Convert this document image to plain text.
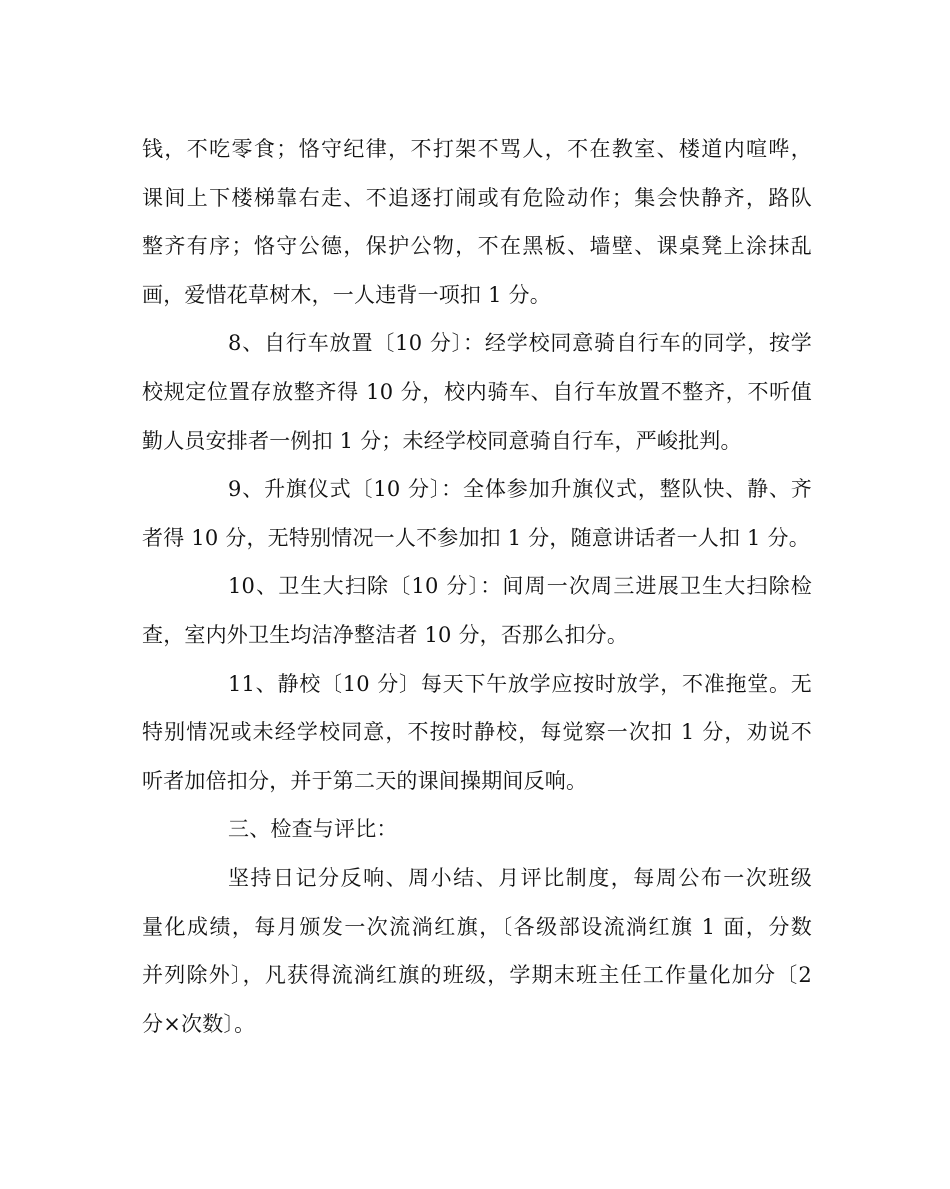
钱，不吃零食；恪守纪律，不打架不骂人，不在教室、楼道内喧哗，
课间上下楼梯靠右走、不追逐打闹或有危险动作；集会快静齐，路队
整齐有序；恪守公德，保护公物，不在黑板、墙壁、课桌凳上涂抹乱
画，爱惜花草树木，一人违背一项扣 1 分。
8、自行车放置〔10 分〕：经学校同意骑自行车的同学，按学
校规定位置存放整齐得 10 分，校内骑车、自行车放置不整齐，不听值
勤人员安排者一例扣 1 分；未经学校同意骑自行车，严峻批判。
9、升旗仪式〔10 分〕：全体参加升旗仪式，整队快、静、齐
者得 10 分，无特别情况一人不参加扣 1 分，随意讲话者一人扣 1 分。
10、卫生大扫除〔10 分〕：间周一次周三进展卫生大扫除检
查，室内外卫生均洁净整洁者 10 分，否那么扣分。
11、静校〔10 分〕每天下午放学应按时放学，不准拖堂。无
特别情况或未经学校同意，不按时静校，每觉察一次扣 1 分，劝说不
听者加倍扣分，并于第二天的课间操期间反响。
三、检查与评比：
坚持日记分反响、周小结、月评比制度，每周公布一次班级
量化成绩，每月颁发一次流淌红旗，〔各级部设流淌红旗 1 面，分数
并列除外〕，凡获得流淌红旗的班级，学期末班主任工作量化加分〔2
分×次数〕。
